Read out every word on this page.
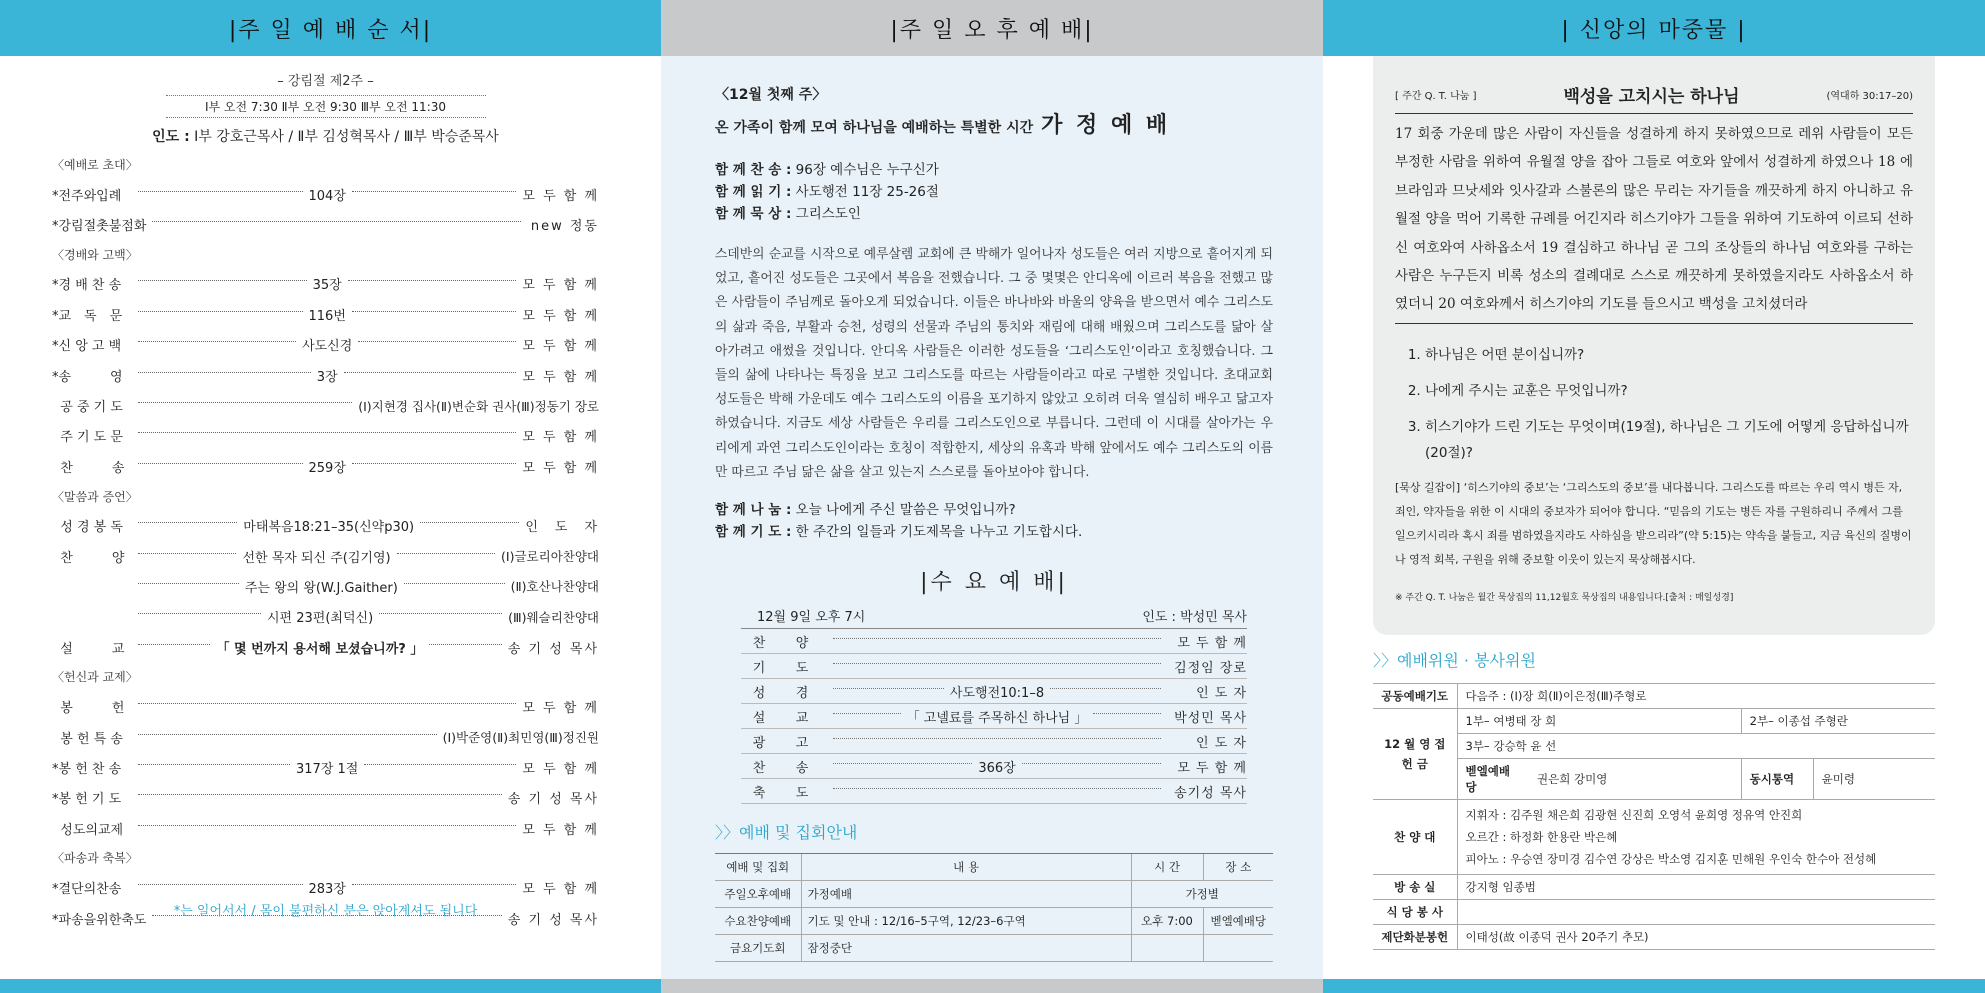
|주 일 예 배 순 서|
– 강림절 제2주 –
Ⅰ부 오전 7:30 Ⅱ부 오전 9:30 Ⅲ부 오전 11:30
인도 : Ⅰ부 강호근목사 / Ⅱ부 김성혁목사 / Ⅲ부 박승준목사
〈예배로 초대〉
*전주와입례	104장	모 두 함 께
*강림절촛불점화	new 정동
〈경배와 고백〉
*경 배 찬 송	35장	모 두 함 께
*교　독　문	116번	모 두 함 께
*신 앙 고 백	사도신경	모 두 함 께
*송　　　영	3장	모 두 함 께
공 중 기 도	(Ⅰ)지현경 집사(Ⅱ)변순화 권사(Ⅲ)정동기 장로
주 기 도 문	모 두 함 께
찬　　　송	259장	모 두 함 께
〈말씀과 증언〉
성 경 봉 독	마태복음18:21–35(신약p30)	인　도　자
찬　　　양	선한 목자 되신 주(김기영)	(Ⅰ)글로리아찬양대
주는 왕의 왕(W.J.Gaither)	(Ⅱ)호산나찬양대
시편 23편(최덕신)	(Ⅲ)웨슬리찬양대
설　　　교	「 몇 번까지 용서해 보셨습니까? 」	송 기 성 목사
〈헌신과 교제〉
봉　　　헌	모 두 함 께
봉 헌 특 송	(Ⅰ)박준영(Ⅱ)최민영(Ⅲ)정진원
*봉 헌 찬 송	317장 1절	모 두 함 께
*봉 헌 기 도	송 기 성 목사
성도의교제	모 두 함 께
〈파송과 축복〉
*결단의찬송	283장	모 두 함 께
*파송을위한축도	송 기 성 목사
*는 일어서서 / 몸이 불편하신 분은 앉아계셔도 됩니다
|주 일 오 후 예 배|
〈12월 첫째 주〉
온 가족이 함께 모여 하나님을 예배하는 특별한 시간 가 정 예 배
함 께 찬 송 : 96장 예수님은 누구신가
함 께 읽 기 : 사도행전 11장 25-26절
함 께 묵 상 : 그리스도인
스데반의 순교를 시작으로 예루살렘 교회에 큰 박해가 일어나자 성도들은 여러 지방으로 흩어지게 되었고, 흩어진 성도들은 그곳에서 복음을 전했습니다. 그 중 몇몇은 안디옥에 이르러 복음을 전했고 많은 사람들이 주님께로 돌아오게 되었습니다. 이들은 바나바와 바울의 양육을 받으면서 예수 그리스도의 삶과 죽음, 부활과 승천, 성령의 선물과 주님의 통치와 재림에 대해 배웠으며 그리스도를 닮아 살아가려고 애썼을 것입니다. 안디옥 사람들은 이러한 성도들을 ‘그리스도인’이라고 호칭했습니다. 그들의 삶에 나타나는 특징을 보고 그리스도를 따르는 사람들이라고 따로 구별한 것입니다. 초대교회 성도들은 박해 가운데도 예수 그리스도의 이름을 포기하지 않았고 오히려 더욱 열심히 배우고 닮고자 하였습니다. 지금도 세상 사람들은 우리를 그리스도인으로 부릅니다. 그런데 이 시대를 살아가는 우리에게 과연 그리스도인이라는 호칭이 적합한지, 세상의 유혹과 박해 앞에서도 예수 그리스도의 이름만 따르고 주님 닮은 삶을 살고 있는지 스스로를 돌아보아야 합니다.
함 께 나 눔 : 오늘 나에게 주신 말씀은 무엇입니까?
함 께 기 도 : 한 주간의 일들과 기도제목을 나누고 기도합시다.
|수 요 예 배|
12월 9일 오후 7시	인도 : 박성민 목사
찬	양	모 두 함 께
기	도	김정임 장로
성	경	사도행전10:1–8	인 도 자
설	교	「 고넬료를 주목하신 하나님 」	박성민 목사
광	고	인 도 자
찬	송	366장	모 두 함 께
축	도	송기성 목사
〉〉예배 및 집회안내
예배 및 집회	내 용	시 간	장 소
주일오후예배	가정예배	가정별	
수요찬양예배	기도 및 안내 : 12/16–5구역, 12/23–6구역	오후 7:00	벧엘예배당
금요기도회	잠정중단		
| 신앙의 마중물 |
[ 주간 Q. T. 나눔 ]	백성을 고치시는 하나님	(역대하 30:17–20)
17 회중 가운데 많은 사람이 자신들을 성결하게 하지 못하였으므로 레위 사람들이 모든 부정한 사람을 위하여 유월절 양을 잡아 그들로 여호와 앞에서 성결하게 하였으나 18 에브라임과 므낫세와 잇사갈과 스불론의 많은 무리는 자기들을 깨끗하게 하지 아니하고 유월절 양을 먹어 기록한 규례를 어긴지라 히스기야가 그들을 위하여 기도하여 이르되 선하신 여호와여 사하옵소서 19 결심하고 하나님 곧 그의 조상들의 하나님 여호와를 구하는 사람은 누구든지 비록 성소의 결례대로 스스로 깨끗하게 못하였을지라도 사하옵소서 하였더니 20 여호와께서 히스기야의 기도를 들으시고 백성을 고치셨더라
1. 하나님은 어떤 분이십니까?
2. 나에게 주시는 교훈은 무엇입니까?
3. 히스기야가 드린 기도는 무엇이며(19절), 하나님은 그 기도에 어떻게 응답하십니까(20절)?
[묵상 길잡이] ‘히스기야의 중보’는 ‘그리스도의 중보’를 내다봅니다. 그리스도를 따르는 우리 역시 병든 자, 죄인, 약자들을 위한 이 시대의 중보자가 되어야 합니다. “믿음의 기도는 병든 자를 구원하리니 주께서 그를 일으키시리라 혹시 죄를 범하였을지라도 사하심을 받으리라”(약 5:15)는 약속을 붙들고, 지금 육신의 질병이나 영적 회복, 구원을 위해 중보할 이웃이 있는지 묵상해봅시다.
※ 주간 Q. T. 나눔은 월간 묵상집의 11,12월호 묵상집의 내용입니다.[출처 : 매일성경]
〉〉예배위원 · 봉사위원
공동예배기도	다음주 : (Ⅰ)장 희(Ⅱ)이은정(Ⅲ)주형로			
12 월 영 접 헌 금	1부– 여병태 장 희		2부– 이종섭 주형란	
	3부– 강승학 윤 선			
	벧엘예배당	권은희 강미영	동시통역	윤미령
찬 양 대	지휘자 : 김주원 채은희 김광현 신진희 오영석 윤희영 정유역 안진희
오르간 : 하정화 한용란 박은혜
피아노 : 우승연 장미경 김수연 강상은 박소영 김지훈 민해원 우인숙 한수아 전성혜			

방 송 실	강지형 임종범			
식 당 봉 사				
제단화분봉헌	이태성(故 이종덕 권사 20주기 추모)			
